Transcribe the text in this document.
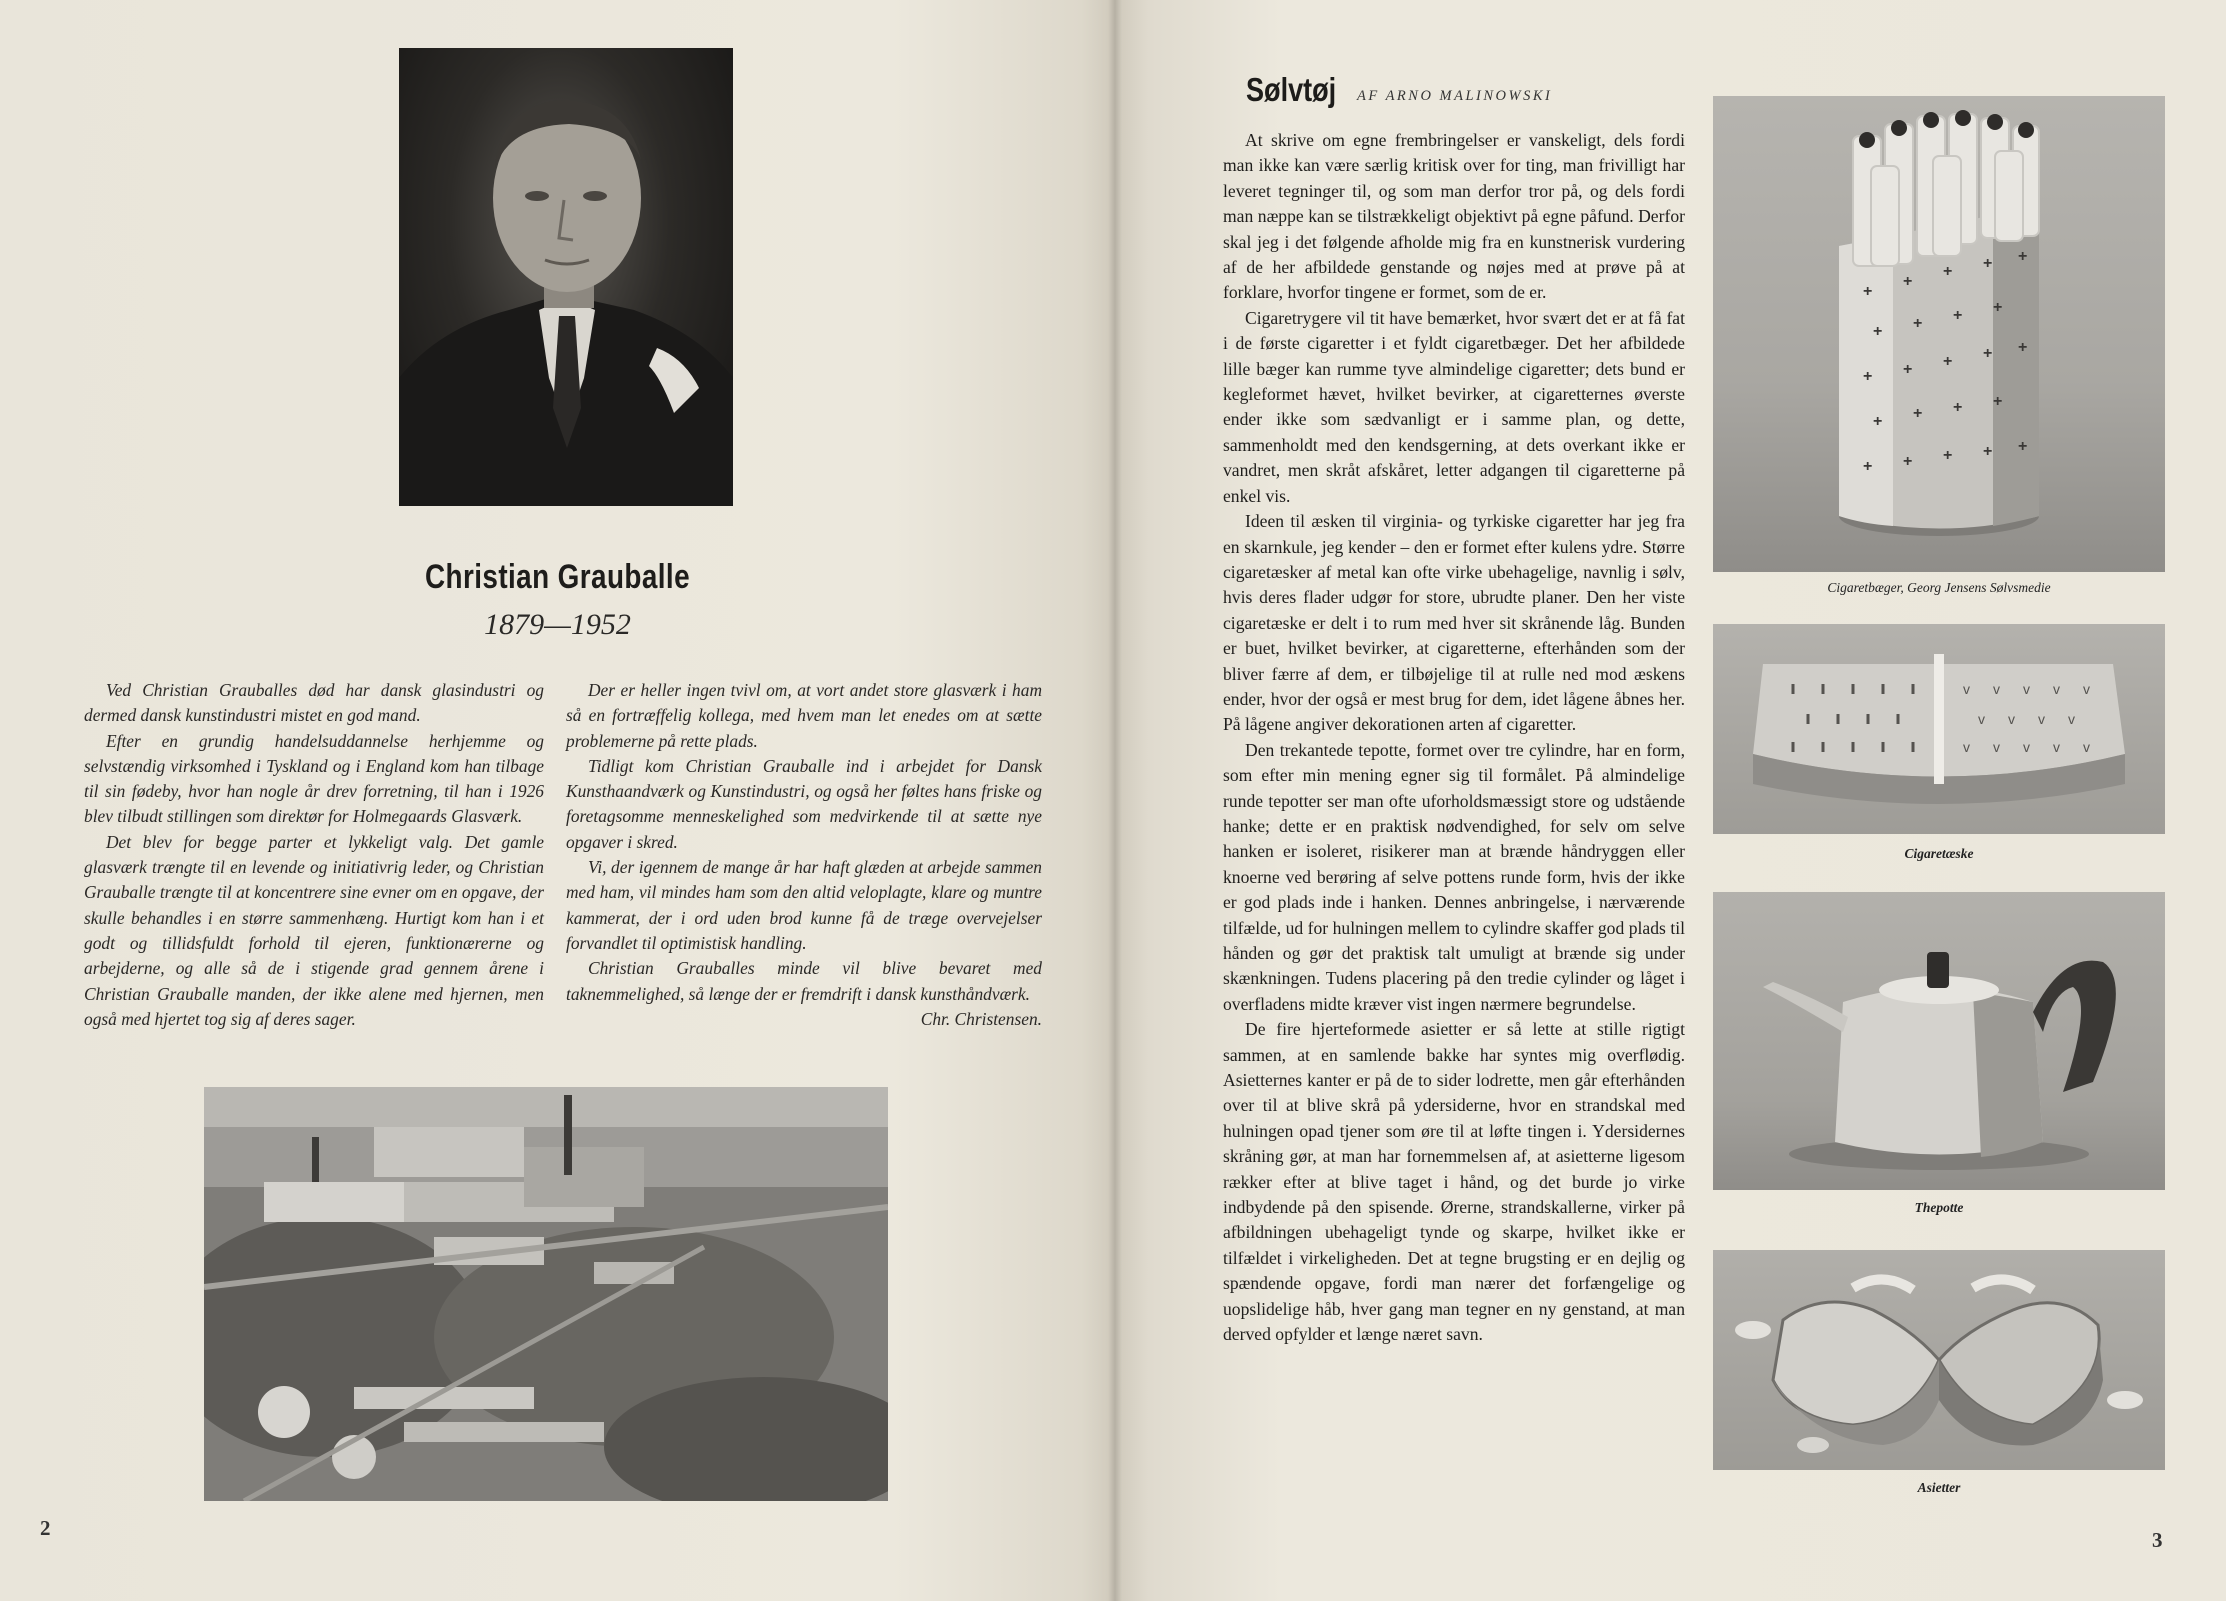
Christian Grauballe
1879—1952

Ved Christian Grauballes død har dansk glasindustri og dermed dansk kunstindustri mistet en god mand.

Efter en grundig handelsuddannelse herhjemme og selvstændig virksomhed i Tyskland og i England kom han tilbage til sin fødeby, hvor han nogle år drev forretning, til han i 1926 blev tilbudt stillingen som direktør for Holmegaards Glasværk.

Det blev for begge parter et lykkeligt valg. Det gamle glasværk trængte til en levende og initiativrig leder, og Christian Grauballe trængte til at koncentrere sine evner om en opgave, der skulle behandles i en større sammenhæng. Hurtigt kom han i et godt og tillidsfuldt forhold til ejeren, funktionærerne og arbejderne, og alle så de i stigende grad gennem årene i Christian Grauballe manden, der ikke alene med hjernen, men også med hjertet tog sig af deres sager.

Der er heller ingen tvivl om, at vort andet store glasværk i ham så en fortræffelig kollega, med hvem man let enedes om at sætte problemerne på rette plads.

Tidligt kom Christian Grauballe ind i arbejdet for Dansk Kunsthaandværk og Kunstindustri, og også her føltes hans friske og foretagsomme menneskelighed som medvirkende til at sætte nye opgaver i skred.

Vi, der igennem de mange år har haft glæden at arbejde sammen med ham, vil mindes ham som den altid veloplagte, klare og muntre kammerat, der i ord uden brod kunne få de træge overvejelser forvandlet til optimistisk handling.

Christian Grauballes minde vil blive bevaret med taknemmelighed, så længe der er fremdrift i dansk kunsthåndværk.

Chr. Christensen.

2
Sølvtøj AF ARNO MALINOWSKI

At skrive om egne frembringelser er vanskeligt, dels fordi man ikke kan være særlig kritisk over for ting, man frivilligt har leveret tegninger til, og som man derfor tror på, og dels fordi man næppe kan se tilstrækkeligt objektivt på egne påfund. Derfor skal jeg i det følgende afholde mig fra en kunstnerisk vurdering af de her afbildede genstande og nøjes med at prøve på at forklare, hvorfor tingene er formet, som de er.

Cigaretrygere vil tit have bemærket, hvor svært det er at få fat i de første cigaretter i et fyldt cigaretbæger. Det her afbildede lille bæger kan rumme tyve almindelige cigaretter; dets bund er kegleformet hævet, hvilket bevirker, at cigaretternes øverste ender ikke som sædvanligt er i samme plan, og dette, sammenholdt med den kendsgerning, at dets overkant ikke er vandret, men skråt afskåret, letter adgangen til cigaretterne på enkel vis.

Ideen til æsken til virginia- og tyrkiske cigaretter har jeg fra en skarnkule, jeg kender – den er formet efter kulens ydre. Større cigaretæsker af metal kan ofte virke ubehagelige, navnlig i sølv, hvis deres flader udgør for store, ubrudte planer. Den her viste cigaretæske er delt i to rum med hver sit skrånende låg. Bunden er buet, hvilket bevirker, at cigaretterne, efterhånden som der bliver færre af dem, er tilbøjelige til at rulle ned mod æskens ender, hvor der også er mest brug for dem, idet lågene åbnes her. På lågene angiver dekorationen arten af cigaretter.

Den trekantede tepotte, formet over tre cylindre, har en form, som efter min mening egner sig til formålet. På almindelige runde tepotter ser man ofte uforholdsmæssigt store og udstående hanke; dette er en praktisk nødvendighed, for selv om selve hanken er isoleret, risikerer man at brænde håndryggen eller knoerne ved berøring af selve pottens runde form, hvis der ikke er god plads inde i hanken. Dennes anbringelse, i nærværende tilfælde, ud for hulningen mellem to cylindre skaffer god plads til hånden og gør det praktisk talt umuligt at brænde sig under skænkningen. Tudens placering på den tredie cylinder og låget i overfladens midte kræver vist ingen nærmere begrundelse.

De fire hjerteformede asietter er så lette at stille rigtigt sammen, at en samlende bakke har syntes mig overflødig. Asietternes kanter er på de to sider lodrette, men går efterhånden over til at blive skrå på ydersiderne, hvor en strandskal med hulningen opad tjener som øre til at løfte tingen i. Ydersidernes skråning gør, at man har fornemmelsen af, at asietterne ligesom rækker efter at blive taget i hånd, og det burde jo virke indbydende på den spisende. Ørerne, strandskallerne, virker på afbildningen ubehageligt tynde og skarpe, hvilket ikke er tilfældet i virkeligheden. Det at tegne brugsting er en dejlig og spændende opgave, fordi man nærer det forfængelige og uopslidelige håb, hver gang man tegner en ny genstand, at man derved opfylder et længe næret savn.

+
+
+ + +
+ + + +
+ + + + +
+ + + +
+ + + + +
Cigaretbæger, Georg Jensens Sølvsmedie
v v v v v
v v v v
v v v v v
Cigaretæske
Thepotte
Asietter
3
